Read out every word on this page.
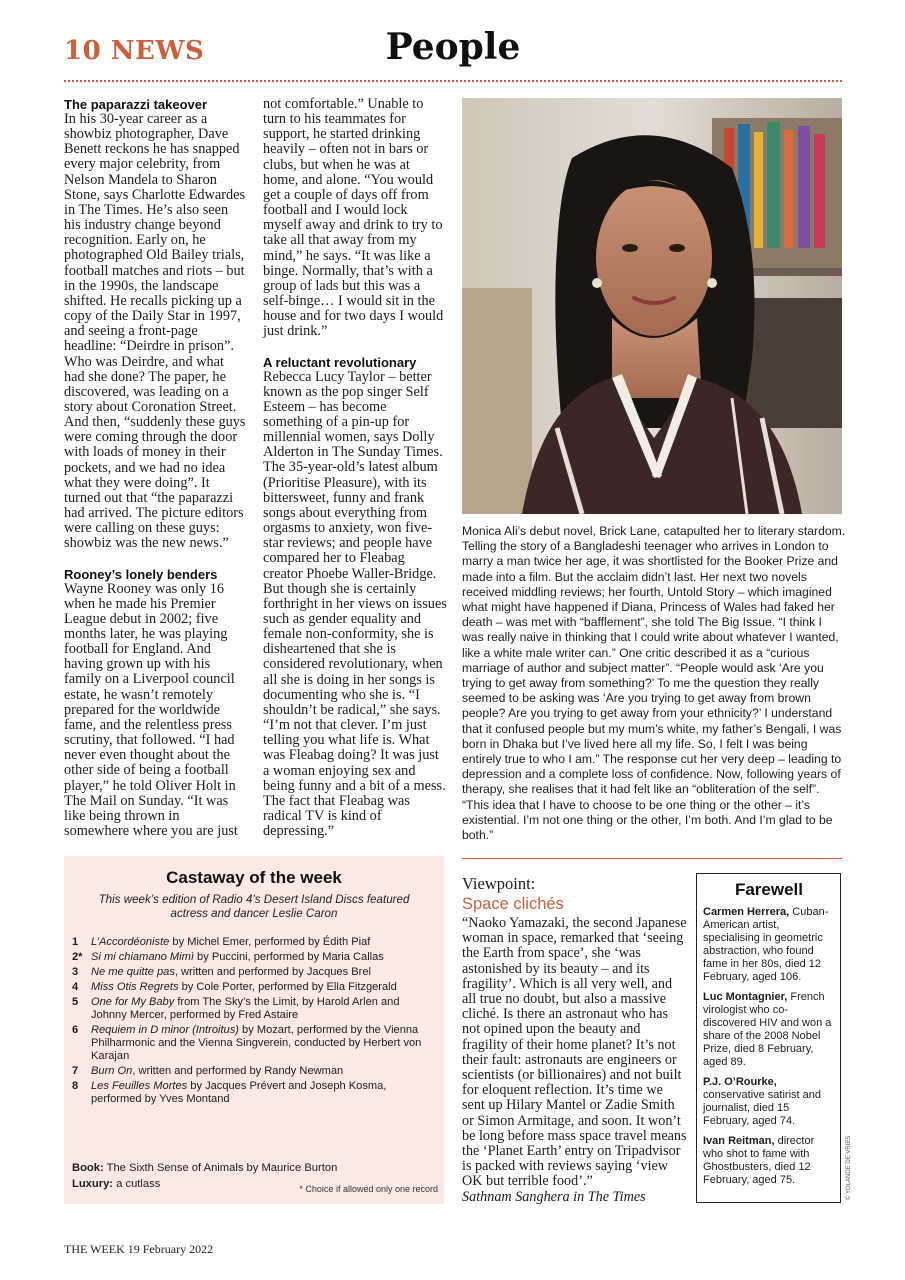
10 NEWS	People
The paparazzi takeover

In his 30-year career as a showbiz photographer, Dave Benett reckons he has snapped every major celebrity, from Nelson Mandela to Sharon Stone, says Charlotte Edwardes in The Times. He’s also seen his industry change beyond recognition. Early on, he photographed Old Bailey trials, football matches and riots – but in the 1990s, the landscape shifted. He recalls picking up a copy of the Daily Star in 1997, and seeing a front-page headline: “Deirdre in prison”. Who was Deirdre, and what had she done? The paper, he discovered, was leading on a story about Coronation Street. And then, “suddenly these guys were coming through the door with loads of money in their pockets, and we had no idea what they were doing”. It turned out that “the paparazzi had arrived. The picture editors were calling on these guys: showbiz was the new news.”

Rooney’s lonely benders

Wayne Rooney was only 16 when he made his Premier League debut in 2002; five months later, he was playing football for England. And having grown up with his family on a Liverpool council estate, he wasn’t remotely prepared for the worldwide fame, and the relentless press scrutiny, that followed. “I had never even thought about the other side of being a football player,” he told Oliver Holt in The Mail on Sunday. “It was like being thrown in somewhere where you are just

not comfortable.” Unable to turn to his teammates for support, he started drinking heavily – often not in bars or clubs, but when he was at home, and alone. “You would get a couple of days off from football and I would lock myself away and drink to try to take all that away from my mind,” he says. “It was like a binge. Normally, that’s with a group of lads but this was a self-binge… I would sit in the house and for two days I would just drink.”

A reluctant revolutionary

Rebecca Lucy Taylor – better known as the pop singer Self Esteem – has become something of a pin-up for millennial women, says Dolly Alderton in The Sunday Times. The 35-year-old’s latest album (Prioritise Pleasure), with its bittersweet, funny and frank songs about everything from orgasms to anxiety, won five-star reviews; and people have compared her to Fleabag creator Phoebe Waller-Bridge. But though she is certainly forthright in her views on issues such as gender equality and female non-conformity, she is disheartened that she is considered revolutionary, when all she is doing in her songs is documenting who she is. “I shouldn’t be radical,” she says. “I’m not that clever. I’m just telling you what life is. What was Fleabag doing? It was just a woman enjoying sex and being funny and a bit of a mess. The fact that Fleabag was radical TV is kind of depressing.”

Monica Ali’s debut novel, Brick Lane, catapulted her to literary stardom. Telling the story of a Bangladeshi teenager who arrives in London to marry a man twice her age, it was shortlisted for the Booker Prize and made into a film. But the acclaim didn’t last. Her next two novels received middling reviews; her fourth, Untold Story – which imagined what might have happened if Diana, Princess of Wales had faked her death – was met with “bafflement”, she told The Big Issue. “I think I was really naive in thinking that I could write about whatever I wanted, like a white male writer can.” One critic described it as a “curious marriage of author and subject matter”. “People would ask ‘Are you trying to get away from something?’ To me the question they really seemed to be asking was ‘Are you trying to get away from brown people? Are you trying to get away from your ethnicity?’ I understand that it confused people but my mum’s white, my father’s Bengali, I was born in Dhaka but I’ve lived here all my life. So, I felt I was being entirely true to who I am.” The response cut her very deep – leading to depression and a complete loss of confidence. Now, following years of therapy, she realises that it had felt like an “obliteration of the self”. “This idea that I have to choose to be one thing or the other – it’s existential. I’m not one thing or the other, I’m both. And I’m glad to be both.”
Castaway of the week
This week’s edition of Radio 4’s Desert Island Discs featured actress and dancer Leslie Caron
1	L’Accordéoniste by Michel Emer, performed by Édith Piaf
2* Si mi chiamano Mimì by Puccini, performed by Maria Callas
3	Ne me quitte pas, written and performed by Jacques Brel
4	Miss Otis Regrets by Cole Porter, performed by Ella Fitzgerald
5	One for My Baby from The Sky’s the Limit, by Harold Arlen and Johnny Mercer, performed by Fred Astaire
6	Requiem in D minor (Introitus) by Mozart, performed by the Vienna Philharmonic and the Vienna Singverein, conducted by Herbert von Karajan
7	Burn On, written and performed by Randy Newman
8	Les Feuilles Mortes by Jacques Prévert and Joseph Kosma, performed by Yves Montand
Book: The Sixth Sense of Animals by Maurice Burton
Luxury: a cutlass	* Choice if allowed only one record
Viewpoint:
Space clichés

“Naoko Yamazaki, the second Japanese woman in space, remarked that ‘seeing the Earth from space’, she ‘was astonished by its beauty – and its fragility’. Which is all very well, and all true no doubt, but also a massive cliché. Is there an astronaut who has not opined upon the beauty and fragility of their home planet? It’s not their fault: astronauts are engineers or scientists (or billionaires) and not built for eloquent reflection. It’s time we sent up Hilary Mantel or Zadie Smith or Simon Armitage, and soon. It won’t be long before mass space travel means the ‘Planet Earth’ entry on Tripadvisor is packed with reviews saying ‘view OK but terrible food’.”

Sathnam Sanghera in The Times

Farewell
Carmen Herrera, Cuban-American artist, specialising in geometric abstraction, who found fame in her 80s, died 12 February, aged 106.
Luc Montagnier, French virologist who co-discovered HIV and won a share of the 2008 Nobel Prize, died 8 February, aged 89.
P.J. O’Rourke, conservative satirist and journalist, died 15 February, aged 74.
Ivan Reitman, director who shot to fame with Ghostbusters, died 12 February, aged 75.	© YOLANDE DE VRIES
THE WEEK 19 February 2022
